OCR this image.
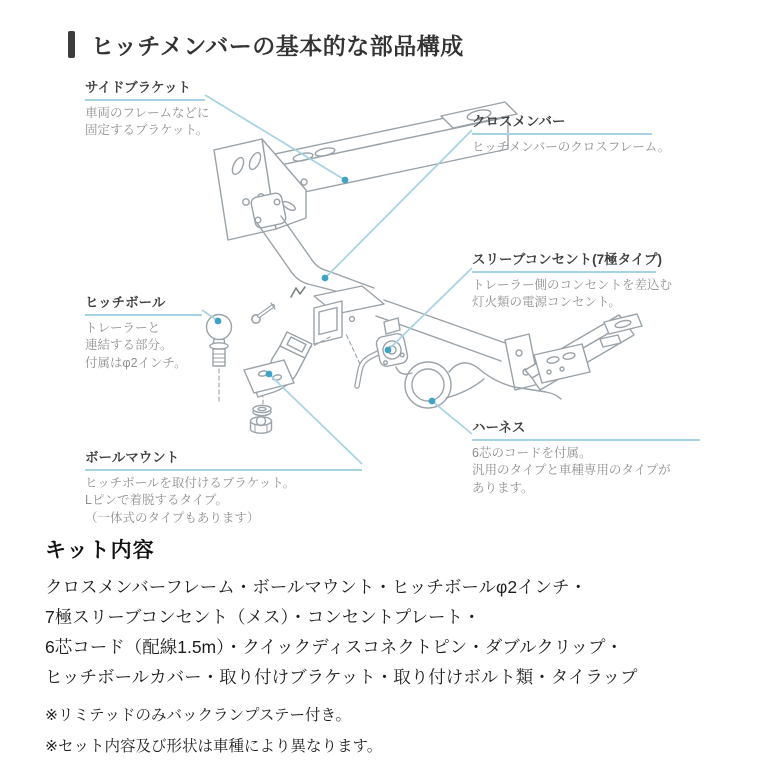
ヒッチメンバーの基本的な部品構成
サイドブラケット
車両のフレームなどに
固定するブラケット。
クロスメンバー
ヒッチメンバーのクロスフレーム。
スリーブコンセント(7極タイプ)
トレーラー側のコンセントを差込む
灯火類の電源コンセント。
ハーネス
6芯のコードを付属。
汎用のタイプと車種専用のタイプが
あります。
ヒッチボール
トレーラーと
連結する部分。
付属はφ2インチ。
ボールマウント
ヒッチボールを取付けるブラケット。
Lピンで着脱するタイプ。
（一体式のタイプもあります）
キット内容
クロスメンバーフレーム・ボールマウント・ヒッチボールφ2インチ・
7極スリーブコンセント（メス）・コンセントプレート・
6芯コード（配線1.5m）・クイックディスコネクトピン・ダブルクリップ・
ヒッチボールカバー・取り付けブラケット・取り付けボルト類・タイラップ
※リミテッドのみバックランプステー付き。
※セット内容及び形状は車種により異なります。
